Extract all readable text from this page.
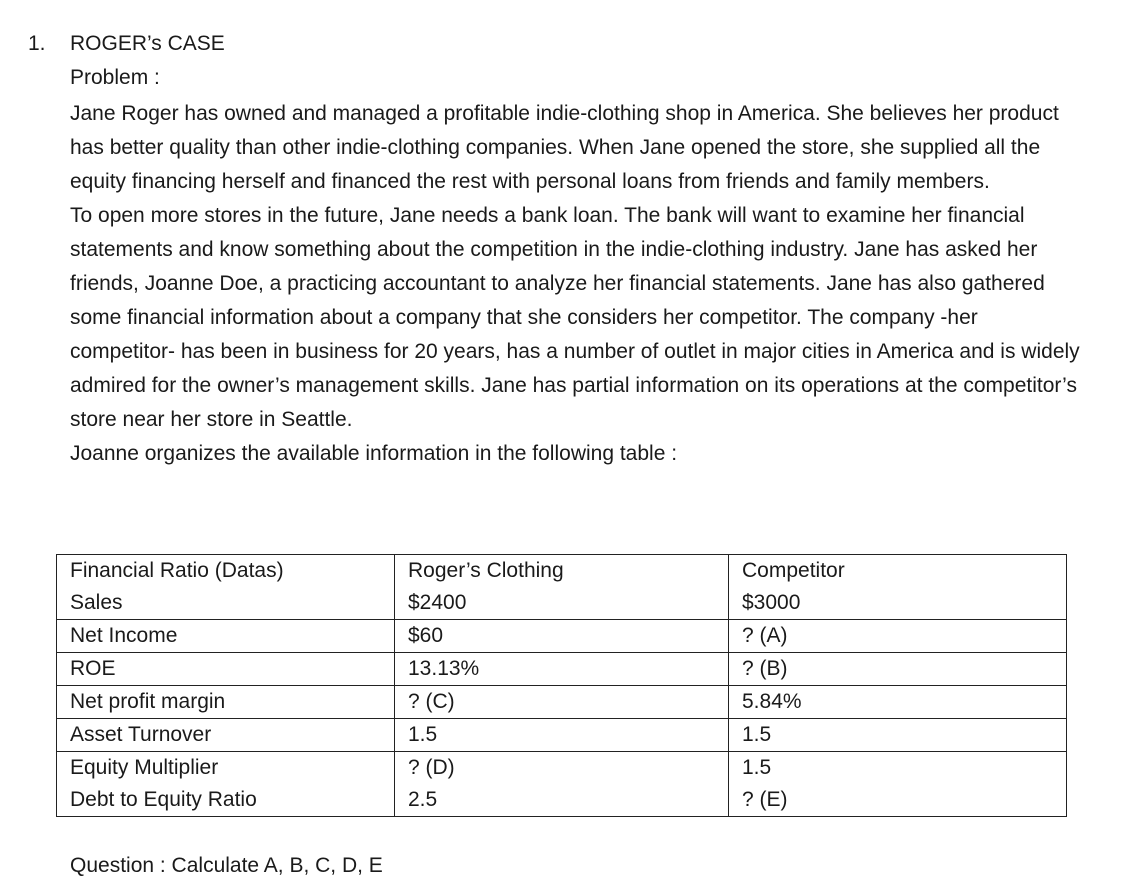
1. ROGER’s CASE
Problem :

Jane Roger has owned and managed a profitable indie-clothing shop in America. She believes her product has better quality than other indie-clothing companies. When Jane opened the store, she supplied all the equity financing herself and financed the rest with personal loans from friends and family members.

To open more stores in the future, Jane needs a bank loan. The bank will want to examine her financial statements and know something about the competition in the indie-clothing industry. Jane has asked her friends, Joanne Doe, a practicing accountant to analyze her financial statements. Jane has also gathered some financial information about a company that she considers her competitor. The company -her competitor- has been in business for 20 years, has a number of outlet in major cities in America and is widely admired for the owner’s management skills. Jane has partial information on its operations at the competitor’s store near her store in Seattle.

Joanne organizes the available information in the following table :

Financial Ratio (Datas)	Roger’s Clothing	Competitor
Sales	$2400	$3000
Net Income	$60	? (A)
ROE	13.13%	? (B)
Net profit margin	? (C)	5.84%
Asset Turnover	1.5	1.5
Equity Multiplier	? (D)	1.5
Debt to Equity Ratio	2.5	? (E)
Question : Calculate A, B, C, D, E
